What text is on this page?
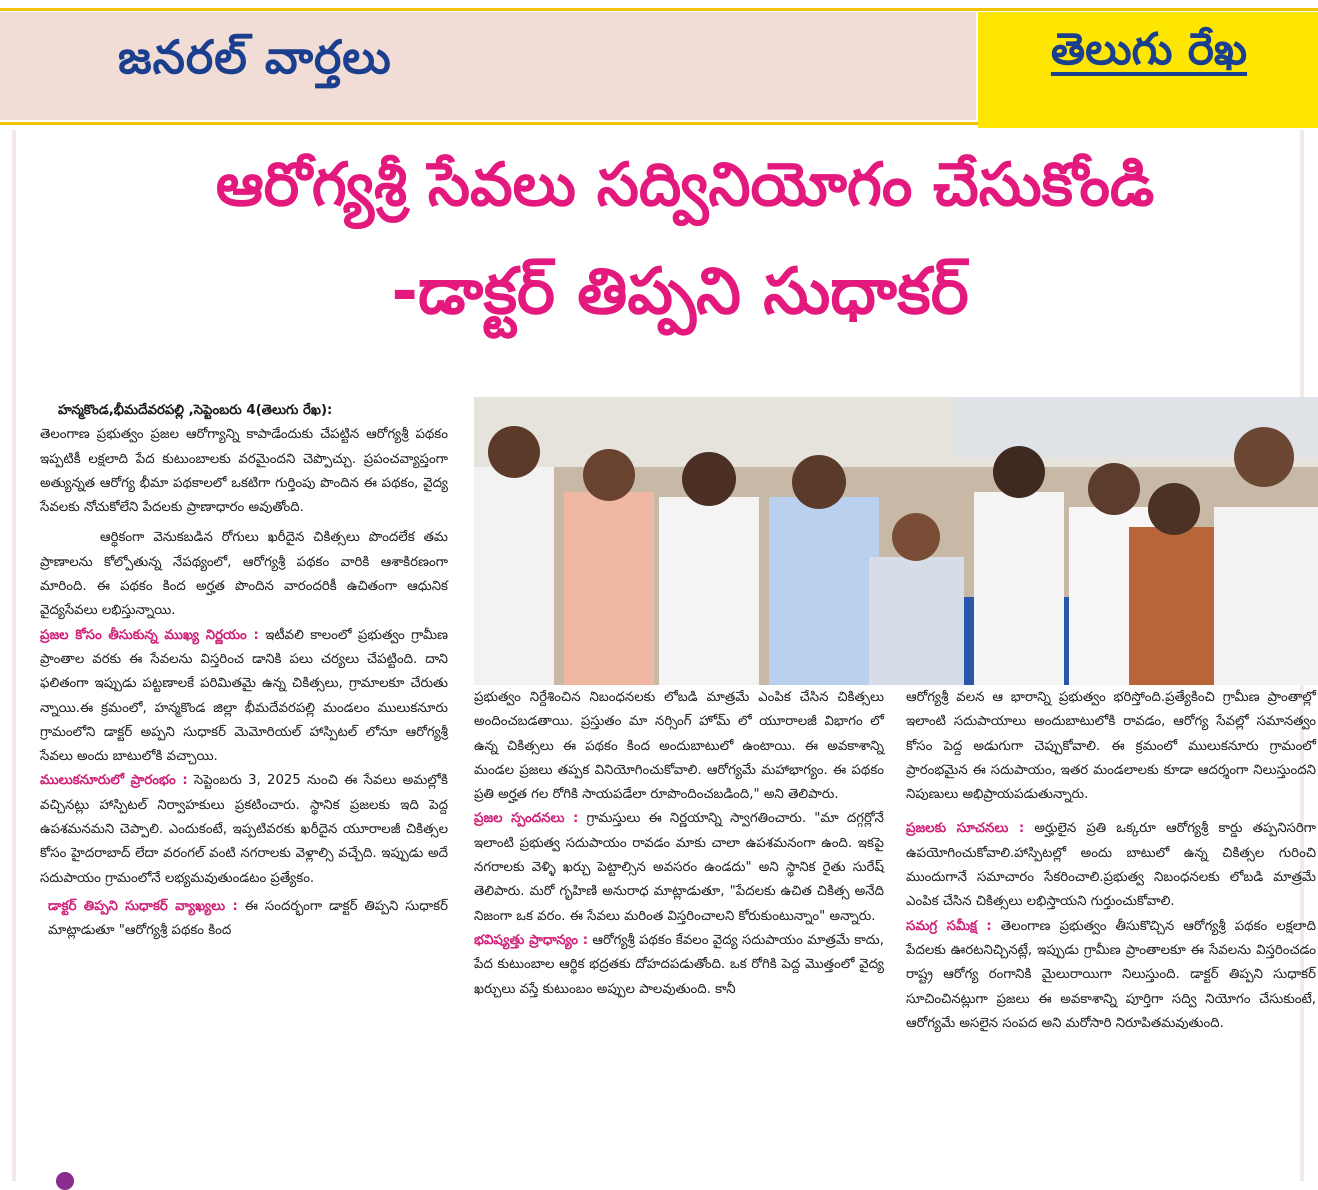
జనరల్ వార్తలు	తెలుగు రేఖ
ఆరోగ్యశ్రీ సేవలు సద్వినియోగం చేసుకోండి
-డాక్టర్ తిప్పని సుధాకర్

హన్మకొండ,భీమదేవరపల్లి ,సెప్టెంబరు 4(తెలుగు రేఖ):

తెలంగాణ ప్రభుత్వం ప్రజల ఆరోగ్యాన్ని కాపాడేందుకు చేపట్టిన ఆరోగ్యశ్రీ పథకం ఇప్పటికీ లక్షలాది పేద కుటుంబాలకు వరమైందని చెప్పొచ్చు. ప్రపంచవ్యాప్తంగా అత్యున్నత ఆరోగ్య భీమా పథకాలలో ఒకటిగా గుర్తింపు పొందిన ఈ పథకం, వైద్య సేవలకు నోచుకోలేని పేదలకు ప్రాణాధారం అవుతోంది.

ఆర్థికంగా వెనుకబడిన రోగులు ఖరీదైన చికిత్సలు పొందలేక తమ ప్రాణాలను కోల్పోతున్న నేపథ్యంలో, ఆరోగ్యశ్రీ పథకం వారికి ఆశాకిరణంగా మారింది. ఈ పథకం కింద అర్హత పొందిన వారందరికీ ఉచితంగా ఆధునిక వైద్యసేవలు లభిస్తున్నాయి.

ప్రజల కోసం తీసుకున్న ముఖ్య నిర్ణయం : ఇటీవలి కాలంలో ప్రభుత్వం గ్రామీణ ప్రాంతాల వరకు ఈ సేవలను విస్తరించ డానికి పలు చర్యలు చేపట్టింది. దాని ఫలితంగా ఇప్పుడు పట్టణాలకే పరిమితమై ఉన్న చికిత్సలు, గ్రామాలకూ చేరుతు న్నాయి.ఈ క్రమంలో, హన్మకొండ జిల్లా భీమదేవరపల్లి మండలం ములుకనూరు గ్రామంలోని డాక్టర్ అప్పని సుధాకర్ మెమోరియల్ హాస్పిటల్ లోనూ ఆరోగ్యశ్రీ సేవలు అందు బాటులోకి వచ్చాయి.

ములుకనూరులో ప్రారంభం : సెప్టెంబరు 3, 2025 నుంచి ఈ సేవలు అమల్లోకి వచ్చినట్లు హాస్పిటల్ నిర్వాహకులు ప్రకటించారు. స్థానిక ప్రజలకు ఇది పెద్ద ఉపశమనమని చెప్పాలి. ఎందుకంటే, ఇప్పటివరకు ఖరీదైన యూరాలజీ చికిత్సల కోసం హైదరాబాద్ లేదా వరంగల్ వంటి నగరాలకు వెళ్లాల్సి వచ్చేది. ఇప్పుడు అదే సదుపాయం గ్రామంలోనే లభ్యమవుతుండటం ప్రత్యేకం.

డాక్టర్ తిప్పని సుధాకర్ వ్యాఖ్యలు : ఈ సందర్భంగా డాక్టర్ తిప్పని సుధాకర్ మాట్లాడుతూ "ఆరోగ్యశ్రీ పథకం కింద

ప్రభుత్వం నిర్దేశించిన నిబంధనలకు లోబడి మాత్రమే ఎంపిక చేసిన చికిత్సలు అందించబడతాయి. ప్రస్తుతం మా నర్సింగ్ హోమ్ లో యూరాలజీ విభాగం లో ఉన్న చికిత్సలు ఈ పథకం కింద అందుబాటులో ఉంటాయి. ఈ అవకాశాన్ని మండల ప్రజలు తప్పక వినియోగించుకోవాలి. ఆరోగ్యమే మహాభాగ్యం. ఈ పథకం ప్రతి అర్హత గల రోగికి సాయపడేలా రూపొందించబడింది," అని తెలిపారు.

ప్రజల స్పందనలు : గ్రామస్తులు ఈ నిర్ణయాన్ని స్వాగతించారు. "మా దగ్గర్లోనే ఇలాంటి ప్రభుత్వ సదుపాయం రావడం మాకు చాలా ఉపశమనంగా ఉంది. ఇకపై నగరాలకు వెళ్ళి ఖర్చు పెట్టాల్సిన అవసరం ఉండదు" అని స్థానిక రైతు సురేష్ తెలిపారు. మరో గృహిణి అనురాధ మాట్లాడుతూ, "పేదలకు ఉచిత చికిత్స అనేది నిజంగా ఒక వరం. ఈ సేవలు మరింత విస్తరించాలని కోరుకుంటున్నాం" అన్నారు.

భవిష్యత్తు ప్రాధాన్యం : ఆరోగ్యశ్రీ పథకం కేవలం వైద్య సదుపాయం మాత్రమే కాదు, పేద కుటుంబాల ఆర్థిక భద్రతకు దోహదపడుతోంది. ఒక రోగికి పెద్ద మొత్తంలో వైద్య ఖర్చులు వస్తే కుటుంబం అప్పుల పాలవుతుంది. కానీ

ఆరోగ్యశ్రీ వలన ఆ భారాన్ని ప్రభుత్వం భరిస్తోంది.ప్రత్యేకించి గ్రామీణ ప్రాంతాల్లో ఇలాంటి సదుపాయాలు అందుబాటులోకి రావడం, ఆరోగ్య సేవల్లో సమానత్వం కోసం పెద్ద అడుగుగా చెప్పుకోవాలి. ఈ క్రమంలో ములుకనూరు గ్రామంలో ప్రారంభమైన ఈ సదుపాయం, ఇతర మండలాలకు కూడా ఆదర్శంగా నిలుస్తుందని నిపుణులు అభిప్రాయపడుతున్నారు.

ప్రజలకు సూచనలు : అర్హులైన ప్రతి ఒక్కరూ ఆరోగ్యశ్రీ కార్డు తప్పనిసరిగా ఉపయోగించుకోవాలి.హాస్పిటల్లో అందు బాటులో ఉన్న చికిత్సల గురించి ముందుగానే సమాచారం సేకరించాలి.ప్రభుత్వ నిబంధనలకు లోబడి మాత్రమే ఎంపిక చేసిన చికిత్సలు లభిస్తాయని గుర్తుంచుకోవాలి.

సమగ్ర సమీక్ష : తెలంగాణ ప్రభుత్వం తీసుకొచ్చిన ఆరోగ్యశ్రీ పథకం లక్షలాది పేదలకు ఊరటనిచ్చినట్లే, ఇప్పుడు గ్రామీణ ప్రాంతాలకూ ఈ సేవలను విస్తరించడం రాష్ట్ర ఆరోగ్య రంగానికి మైలురాయిగా నిలుస్తుంది. డాక్టర్ తిప్పని సుధాకర్ సూచించినట్లుగా ప్రజలు ఈ అవకాశాన్ని పూర్తిగా సద్వి నియోగం చేసుకుంటే, ఆరోగ్యమే అసలైన సంపద అని మరోసారి నిరూపితమవుతుంది.
